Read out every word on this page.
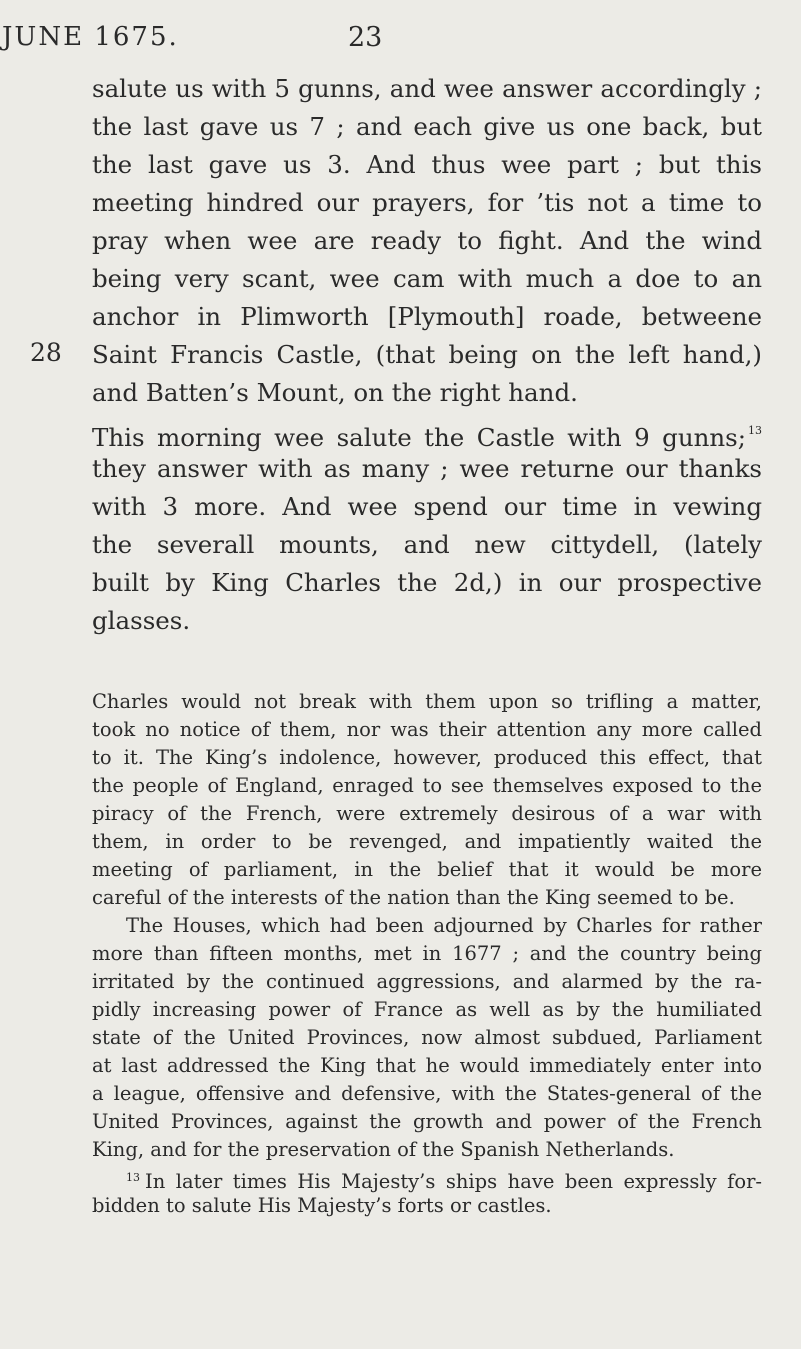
JUNE 1675.	23
28
salute us with 5 gunns, and wee answer accordingly ;
the last gave us 7 ; and each give us one back, but
the last gave us 3. And thus wee part ; but this
meeting hindred our prayers, for ’tis not a time to
pray when wee are ready to fight. And the wind
being very scant, wee cam with much a doe to an
anchor in Plimworth [Plymouth] roade, betweene
Saint Francis Castle, (that being on the left hand,)
and Batten’s Mount, on the right hand.
This morning wee salute the Castle with 9 gunns; $^{13}$
they answer with as many ; wee returne our thanks
with 3 more. And wee spend our time in vewing
the severall mounts, and new cittydell, (lately
built by King Charles the 2d,) in our prospective
glasses.
Charles would not break with them upon so trifling a matter,
took no notice of them, nor was their attention any more called
to it. The King’s indolence, however, produced this effect, that
the people of England, enraged to see themselves exposed to the
piracy of the French, were extremely desirous of a war with
them, in order to be revenged, and impatiently waited the
meeting of parliament, in the belief that it would be more
careful of the interests of the nation than the King seemed to be.
The Houses, which had been adjourned by Charles for rather
more than fifteen months, met in 1677 ; and the country being
irritated by the continued aggressions, and alarmed by the ra-
pidly increasing power of France as well as by the humiliated
state of the United Provinces, now almost subdued, Parliament
at last addressed the King that he would immediately enter into
a league, offensive and defensive, with the States-general of the
United Provinces, against the growth and power of the French
King, and for the preservation of the Spanish Netherlands.
$^{13}$ In later times His Majesty’s ships have been expressly for-
bidden to salute His Majesty’s forts or castles.
